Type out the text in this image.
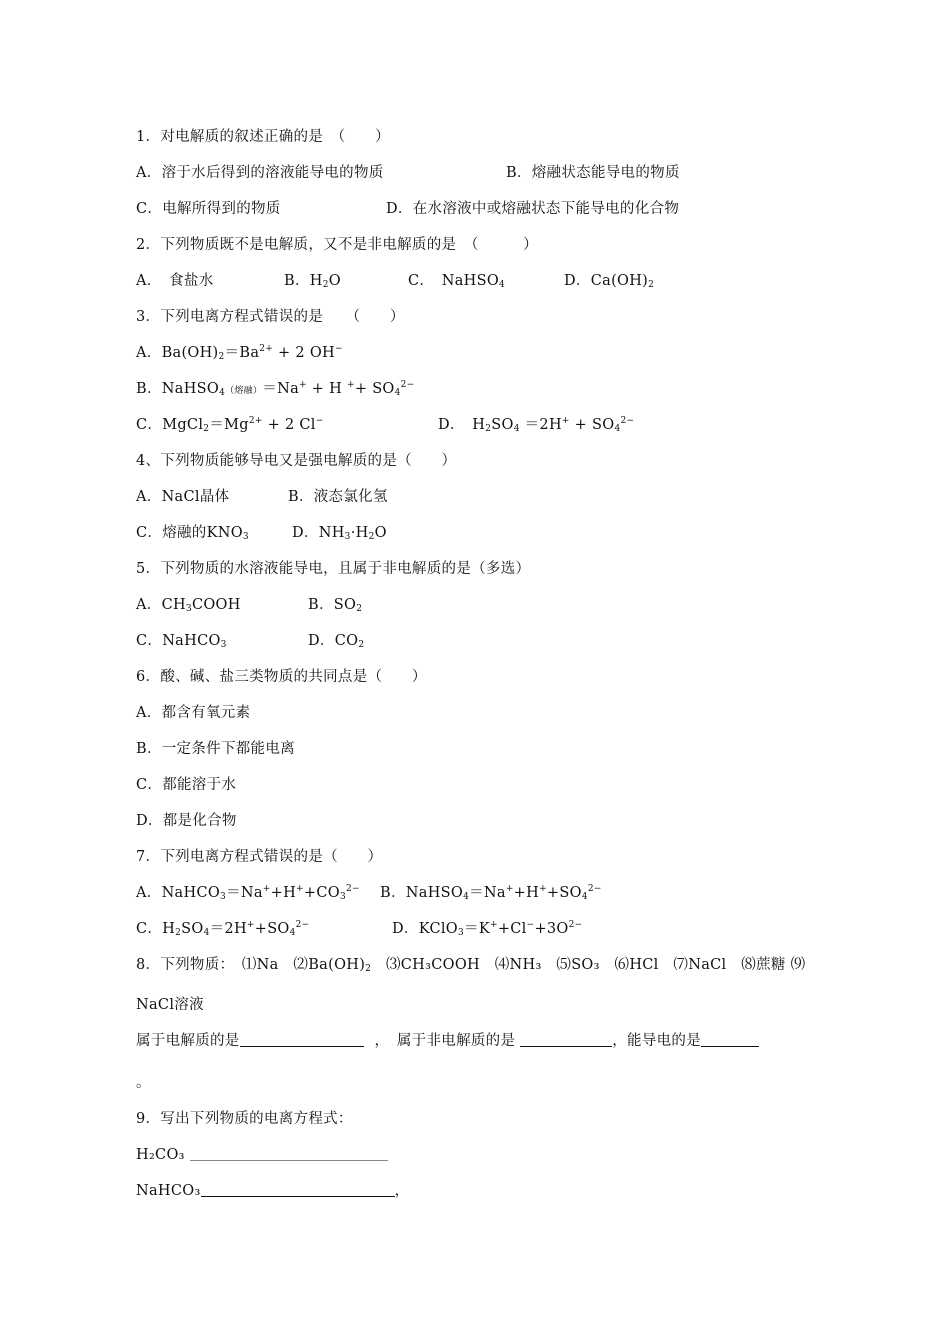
1．对电解质的叙述正确的是　（　　）
A．溶于水后得到的溶液能导电的物质	B．熔融状态能导电的物质
C．电解所得到的物质	D．在水溶液中或熔融状态下能导电的化合物
2．下列物质既不是电解质，又不是非电解质的是　（　　　）
A．　食盐水	B．$H_2O$	C．　NaHSO$_4$	D．$Ca(OH)_2$
3．下列电离方程式错误的是　　（　　）
A．$Ba(OH)_2=Ba^{2+} + 2$ OH−
B．NaHSO$_4$（熔融）＝Na+ + H $^++ SO_4^{2-}$
C．$MgCl_2=Mg^{2+} + 2$ Cl−	D．　$H_2SO_4 =2H^+ + SO_4^{2-}$
4、下列物质能够导电又是强电解质的是（　　）
A．NaCl晶体	B．液态氯化氢
C．熔融的$KNO_3$	D．$NH_3\cdot H_2O$
5．下列物质的水溶液能导电，且属于非电解质的是（多选）
A．$CH_3COOH$	B．$SO_2$
C．NaHCO$_3$	D．$CO_2$
6．酸、碱、盐三类物质的共同点是（　　）
A．都含有氧元素
B．一定条件下都能电离
C．都能溶于水
D．都是化合物
7．下列电离方程式错误的是（　　）
A．$NaHCO_3=Na^++H^++CO_3^{2-}$ B．$NaHSO_4=Na^++H^++SO_4^{2-}$
C．$H_2SO_4=2H^++SO_4^{2-}$	D．$KClO_3=K^++Cl^-+3O^{2-}$
8．下列物质：　⑴Na　$⑵Ba(OH)_2$　⑶CH₃COOH　⑷NH₃　⑸SO₃　⑹HCl　⑺NaCl　⑻蔗糖 ⑼
NaCl溶液
属于电解质的是	，　属于非电解质的是	，能导电的是
。
9．写出下列物质的电离方程式：
H₂CO₃
NaHCO₃	，
